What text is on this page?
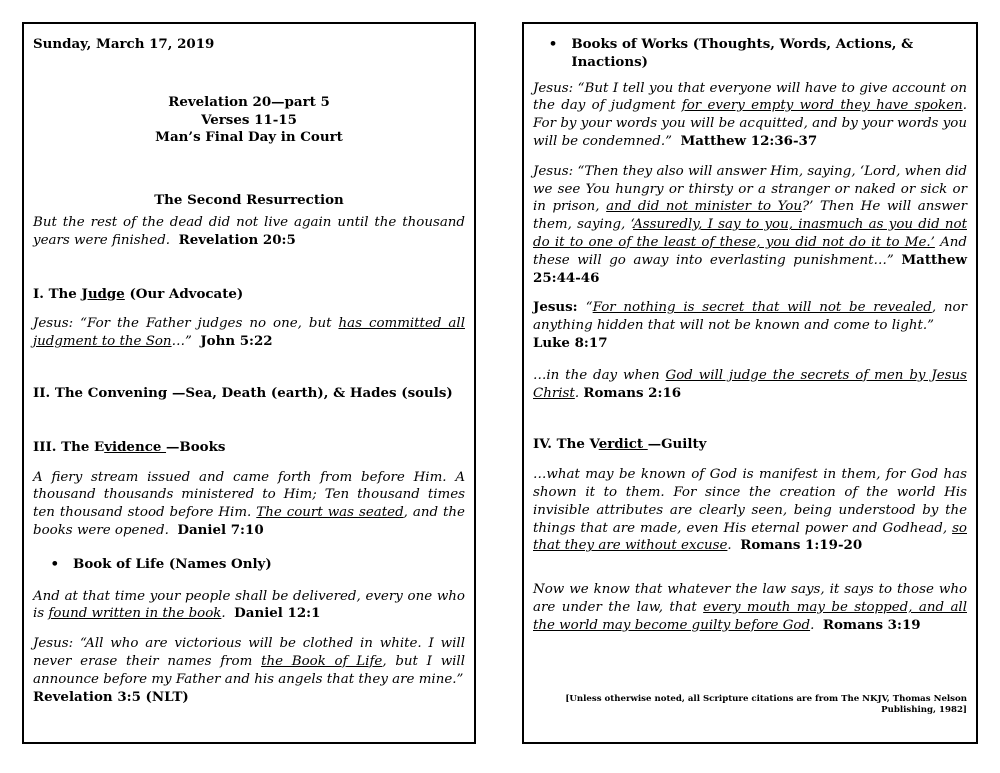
Sunday, March 17, 2019
Revelation 20—part 5
Verses 11-15
Man’s Final Day in Court
The Second Resurrection

But the rest of the dead did not live again until the thousand years were finished. Revelation 20:5

I. The Judge (Our Advocate)

Jesus: “For the Father judges no one, but has committed all judgment to the Son…” John 5:22

II. The Convening —Sea, Death (earth), & Hades (souls)
III. The Evidence —Books

A fiery stream issued and came forth from before Him. A thousand thousands ministered to Him; Ten thousand times ten thousand stood before Him. The court was seated, and the books were opened. Daniel 7:10

•	Book of Life (Names Only)

And at that time your people shall be delivered, every one who is found written in the book. Daniel 12:1

Jesus: “All who are victorious will be clothed in white. I will never erase their names from the Book of Life, but I will announce before my Father and his angels that they are mine.”
Revelation 3:5 (NLT)

•	Books of Works (Thoughts, Words, Actions, & Inactions)

Jesus: “But I tell you that everyone will have to give account on the day of judgment for every empty word they have spoken. For by your words you will be acquitted, and by your words you will be condemned.” Matthew 12:36-37

Jesus: “Then they also will answer Him, saying, ‘Lord, when did we see You hungry or thirsty or a stranger or naked or sick or in prison, and did not minister to You?’ Then He will answer them, saying, ‘Assuredly, I say to you, inasmuch as you did not do it to one of the least of these, you did not do it to Me.’ And these will go away into everlasting punishment…” Matthew 25:44-46

Jesus: “For nothing is secret that will not be revealed, nor anything hidden that will not be known and come to light.”
Luke 8:17

…in the day when God will judge the secrets of men by Jesus Christ. Romans 2:16

IV. The Verdict —Guilty

…what may be known of God is manifest in them, for God has shown it to them. For since the creation of the world His invisible attributes are clearly seen, being understood by the things that are made, even His eternal power and Godhead, so that they are without excuse. Romans 1:19-20

Now we know that whatever the law says, it says to those who are under the law, that every mouth may be stopped, and all the world may become guilty before God. Romans 3:19

[Unless otherwise noted, all Scripture citations are from The NKJV, Thomas Nelson Publishing, 1982]
